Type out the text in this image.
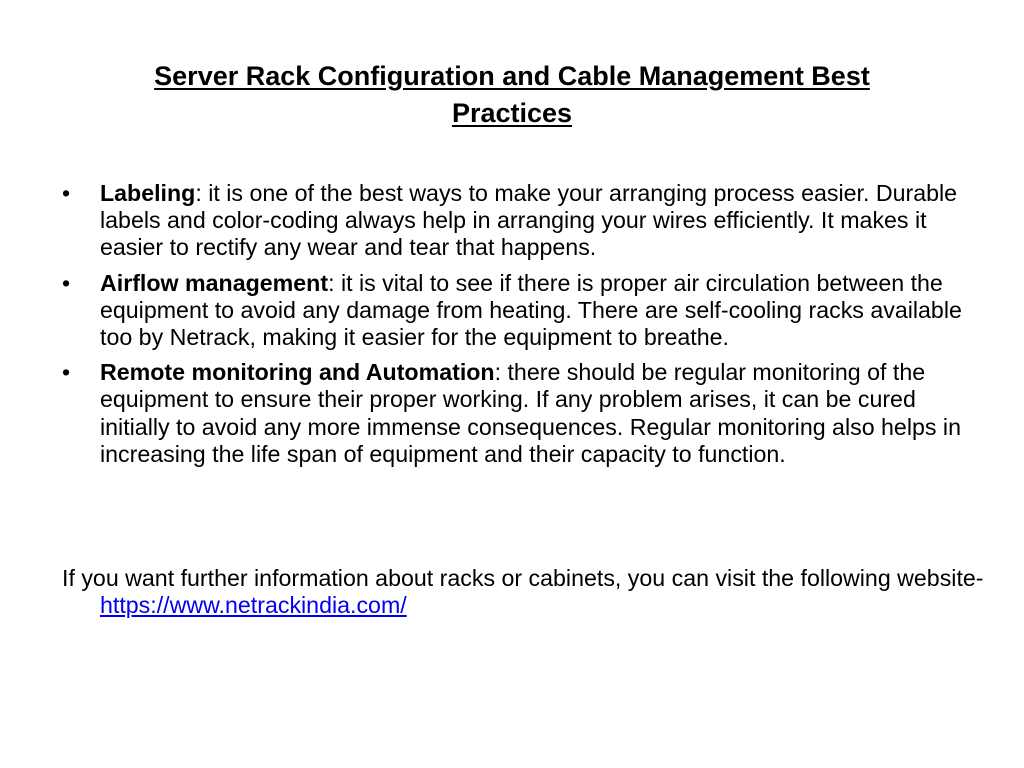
Server Rack Configuration and Cable Management Best Practices
•	Labeling: it is one of the best ways to make your arranging process easier. Durable labels and color-coding always help in arranging your wires efficiently. It makes it easier to rectify any wear and tear that happens.
•	Airflow management: it is vital to see if there is proper air circulation between the equipment to avoid any damage from heating. There are self-cooling racks available too by Netrack, making it easier for the equipment to breathe.
•	Remote monitoring and Automation: there should be regular monitoring of the equipment to ensure their proper working. If any problem arises, it can be cured initially to avoid any more immense consequences. Regular monitoring also helps in increasing the life span of equipment and their capacity to function.

If you want further information about racks or cabinets, you can visit the following website-https://www.netrackindia.com/
